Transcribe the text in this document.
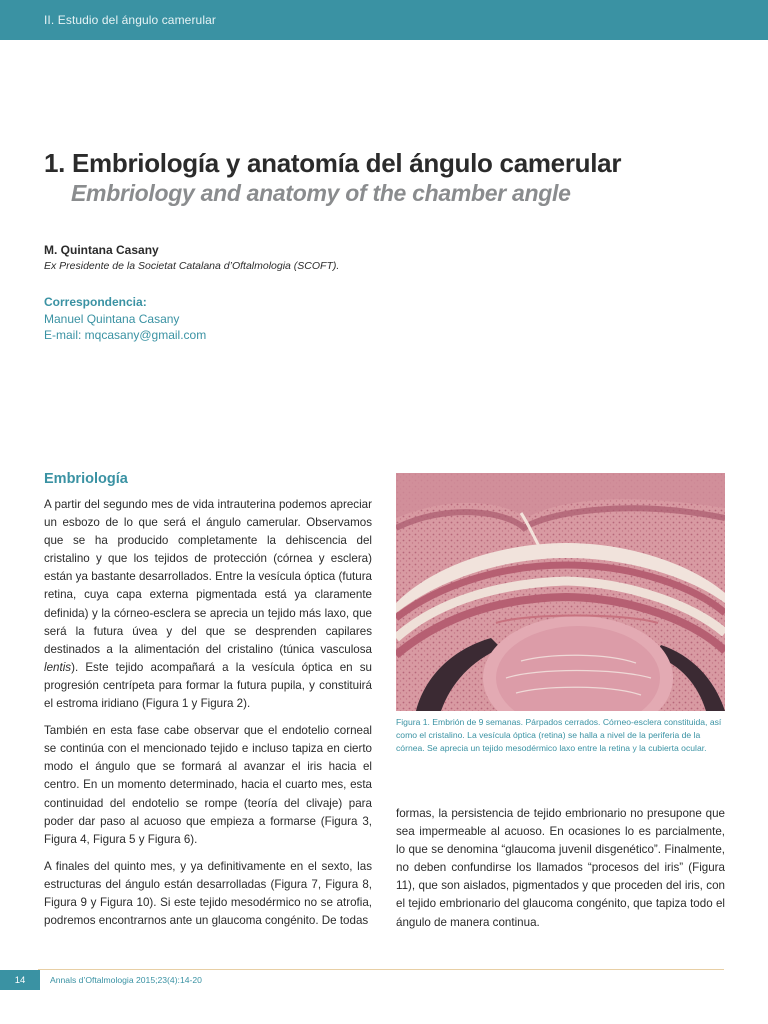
II. Estudio del ángulo camerular
1. Embriología y anatomía del ángulo camerular
Embriology and anatomy of the chamber angle
M. Quintana Casany
Ex Presidente de la Societat Catalana d’Oftalmologia (SCOFT).
Correspondencia:
Manuel Quintana Casany
E-mail: mqcasany@gmail.com
Embriología

A partir del segundo mes de vida intrauterina podemos apreciar un esbozo de lo que será el ángulo camerular. Observamos que se ha producido completamente la dehiscencia del cristalino y que los tejidos de protección (córnea y esclera) están ya bastante desarrollados. Entre la vesícula óptica (futura retina, cuya capa externa pigmentada está ya claramente definida) y la córneo-esclera se aprecia un tejido más laxo, que será la futura úvea y del que se desprenden capilares destinados a la alimentación del cristalino (túnica vasculosa lentis). Este tejido acompañará a la vesícula óptica en su progresión centrípeta para formar la futura pupila, y constituirá el estroma iridiano (Figura 1 y Figura 2).

También en esta fase cabe observar que el endotelio corneal se continúa con el mencionado tejido e incluso tapiza en cierto modo el ángulo que se formará al avanzar el iris hacia el centro. En un momento determinado, hacia el cuarto mes, esta continuidad del endotelio se rompe (teoría del clivaje) para poder dar paso al acuoso que empieza a formarse (Figura 3, Figura 4, Figura 5 y Figura 6).

A finales del quinto mes, y ya definitivamente en el sexto, las estructuras del ángulo están desarrolladas (Figura 7, Figura 8, Figura 9 y Figura 10). Si este tejido mesodérmico no se atrofia, podremos encontrarnos ante un glaucoma congénito. De todas

Figura 1. Embrión de 9 semanas. Párpados cerrados. Córneo-esclera constituida, así como el cristalino. La vesícula óptica (retina) se halla a nivel de la periferia de la córnea. Se aprecia un tejido mesodérmico laxo entre la retina y la cubierta ocular.

formas, la persistencia de tejido embrionario no presupone que sea impermeable al acuoso. En ocasiones lo es parcialmente, lo que se denomina “glaucoma juvenil disgenético”. Finalmente, no deben confundirse los llamados “procesos del iris” (Figura 11), que son aislados, pigmentados y que proceden del iris, con el tejido embrionario del glaucoma congénito, que tapiza todo el ángulo de manera continua.

14	Annals d’Oftalmologia 2015;23(4):14-20
